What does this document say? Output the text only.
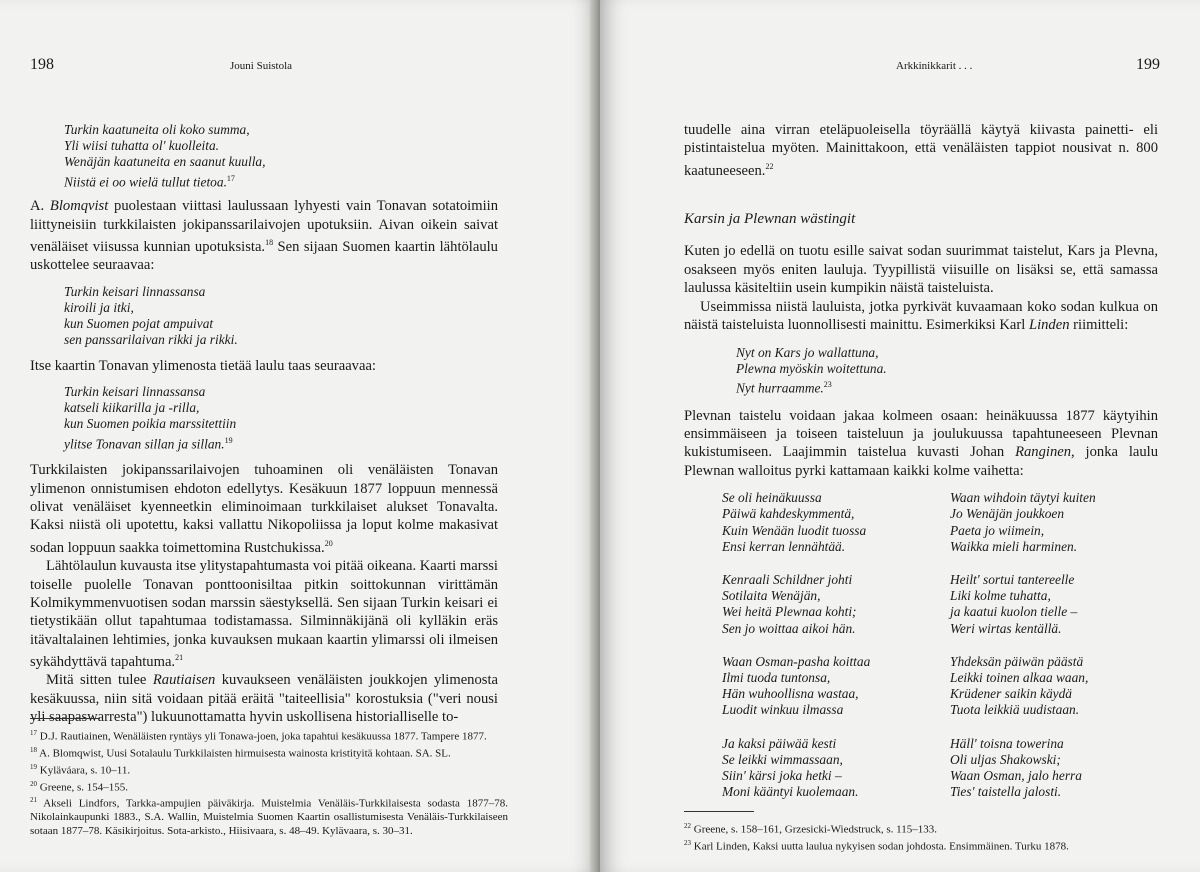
198	Jouni Suistola
Turkin kaatuneita oli koko summa,
Yli wiisi tuhatta ol' kuolleita.
Wenäjän kaatuneita en saanut kuulla,
Niistä ei oo wielä tullut tietoa.$^{17}$

A. Blomqvist puolestaan viittasi laulussaan lyhyesti vain Tonavan sotatoimiin liittyneisiin turkkilaisten jokipanssarilaivojen upotuksiin. Aivan oikein saivat venäläiset viisussa kunnian upotuksista.$^{18}$ Sen sijaan Suomen kaartin lähtölaulu uskottelee seuraavaa:

Turkin keisari linnassansa
kiroili ja itki,
kun Suomen pojat ampuivat
sen panssarilaivan rikki ja rikki.

Itse kaartin Tonavan ylimenosta tietää laulu taas seuraavaa:

Turkin keisari linnassansa
katseli kiikarilla ja -rilla,
kun Suomen poikia marssitettiin
ylitse Tonavan sillan ja sillan.$^{19}$

Turkkilaisten jokipanssarilaivojen tuhoaminen oli venäläisten Tonavan ylimenon onnistumisen ehdoton edellytys. Kesäkuun 1877 loppuun mennessä olivat venäläiset kyenneetkin eliminoimaan turkkilaiset alukset Tonavalta. Kaksi niistä oli upotettu, kaksi vallattu Nikopoliissa ja loput kolme makasivat sodan loppuun saakka toimettomina Rustchukissa.$^{20}$

Lähtölaulun kuvausta itse ylitystapahtumasta voi pitää oikeana. Kaarti marssi toiselle puolelle Tonavan ponttoonisiltaa pitkin soittokunnan virittämän Kolmikymmenvuotisen sodan marssin säestyksellä. Sen sijaan Turkin keisari ei tietystikään ollut tapahtumaa todistamassa. Silminnäkijänä oli kylläkin eräs itävaltalainen lehtimies, jonka kuvauksen mukaan kaartin ylimarssi oli ilmeisen sykähdyttävä tapahtuma.$^{21}$

Mitä sitten tulee Rautiaisen kuvaukseen venäläisten joukkojen ylimenosta kesäkuussa, niin sitä voidaan pitää eräitä "taiteellisia" korostuksia ("veri nousi yli saapaswarresta") lukuunottamatta hyvin uskollisena historialliselle to-

$^{17}$ D.J. Rautiainen, Wenäläisten ryntäys yli Tonawa-joen, joka tapahtui kesäkuussa 1877. Tampere 1877.
$^{18}$ A. Blomqwist, Uusi Sotalaulu Turkkilaisten hirmuisesta wainosta kristityitä kohtaan. SA. SL.
$^{19}$ Kyläváara, s. 10–11.
$^{20}$ Greene, s. 154–155.
$^{21}$ Akseli Lindfors, Tarkka-ampujien päiväkirja. Muistelmia Venäläis-Turkkilaisesta sodasta 1877–78. Nikolainkaupunki 1883., S.A. Wallin, Muistelmia Suomen Kaartin osallistumisesta Venäläis-Turkkilaiseen sotaan 1877–78. Käsikirjoitus. Sota-arkisto., Hiisivaara, s. 48–49. Kylävaara, s. 30–31.
Arkkinikkarit . . .	199

tuudelle aina virran eteläpuoleisella töyräällä käytyä kiivasta painetti- eli pistintaistelua myöten. Mainittakoon, että venäläisten tappiot nousivat n. 800 kaatuneeseen.$^{22}$

Karsin ja Plewnan wästingit

Kuten jo edellä on tuotu esille saivat sodan suurimmat taistelut, Kars ja Plevna, osakseen myös eniten lauluja. Tyypillistä viisuille on lisäksi se, että samassa laulussa käsiteltiin usein kumpikin näistä taisteluista.

Useimmissa niistä lauluista, jotka pyrkivät kuvaamaan koko sodan kulkua on näistä taisteluista luonnollisesti mainittu. Esimerkiksi Karl Linden riimitteli:

Nyt on Kars jo wallattuna,
Plewna myöskin woitettuna.
Nyt hurraamme.$^{23}$

Plevnan taistelu voidaan jakaa kolmeen osaan: heinäkuussa 1877 käytyihin ensimmäiseen ja toiseen taisteluun ja joulukuussa tapahtuneeseen Plevnan kukistumiseen. Laajimmin taistelua kuvasti Johan Ranginen, jonka laulu Plewnan walloitus pyrki kattamaan kaikki kolme vaihetta:

Se oli heinäkuussa
Päiwä kahdeskymmentä,
Kuin Wenään luodit tuossa
Ensi kerran lennähtää.
Kenraali Schildner johti
Sotilaita Wenäjän,
Wei heitä Plewnaa kohti;
Sen jo woittaa aikoi hän.
Waan Osman-pasha koittaa
Ilmi tuoda tuntonsa,
Hän wuhoollisna wastaa,
Luodit winkuu ilmassa
Ja kaksi päiwää kesti
Se leikki wimmassaan,
Siin' kärsi joka hetki –
Moni kääntyi kuolemaan.
Waan wihdoin täytyi kuiten
Jo Wenäjän joukkoen
Paeta jo wiimein,
Waikka mieli harminen.
Heilt' sortui tantereelle
Liki kolme tuhatta,
ja kaatui kuolon tielle –
Weri wirtas kentällä.
Yhdeksän päiwän päästä
Leikki toinen alkaa waan,
Krüdener saikin käydä
Tuota leikkiä uudistaan.
Häll' toisna towerina
Oli uljas Shakowski;
Waan Osman, jalo herra
Ties' taistella jalosti.
$^{22}$ Greene, s. 158–161, Grzesicki-Wiedstruck, s. 115–133.
$^{23}$ Karl Linden, Kaksi uutta laulua nykyisen sodan johdosta. Ensimmäinen. Turku 1878.
